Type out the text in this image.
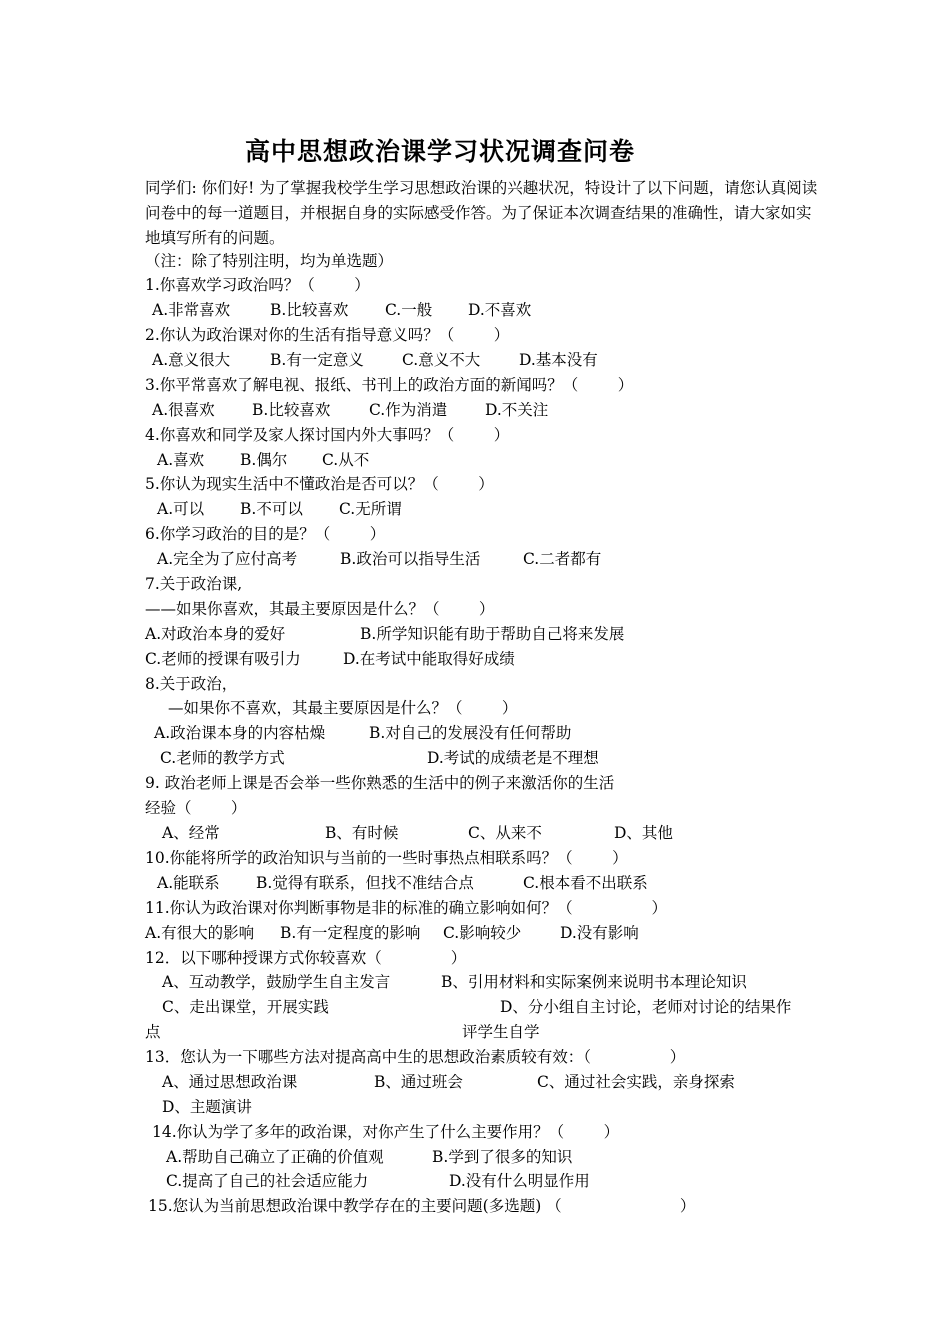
高中思想政治课学习状况调查问卷
同学们: 你们好! 为了掌握我校学生学习思想政治课的兴趣状况，特设计了以下问题，请您认真阅读问卷中的每一道题目，并根据自身的实际感受作答。为了保证本次调查结果的准确性，请大家如实地填写所有的问题。
（注：除了特别注明，均为单选题）
1.你喜欢学习政治吗？（        ）
A.非常喜欢	B.比较喜欢 C.一般 D.不喜欢
2.你认为政治课对你的生活有指导意义吗？（        ）
A.意义很大	B.有一定意义 C.意义不大	D.基本没有
3.你平常喜欢了解电视、报纸、书刊上的政治方面的新闻吗？（        ）
A.很喜欢 B.比较喜欢 C.作为消遣 D.不关注
4.你喜欢和同学及家人探讨国内外大事吗？（        ）
A.喜欢 B.偶尔 C.从不
5.你认为现实生活中不懂政治是否可以？（        ）
A.可以 B.不可以 C.无所谓
6.你学习政治的目的是？（        ）
A.完全为了应付高考	B.政治可以指导生活	C.二者都有
7.关于政治课,
——如果你喜欢，其最主要原因是什么？（        ）
A.对政治本身的爱好	B.所学知识能有助于帮助自己将来发展
C.老师的授课有吸引力	D.在考试中能取得好成绩
8.关于政治，
—如果你不喜欢，其最主要原因是什么？（        ）
A.政治课本身的内容枯燥	B.对自己的发展没有任何帮助
C.老师的教学方式	D.考试的成绩老是不理想
9. 政治老师上课是否会举一些你熟悉的生活中的例子来激活你的生活
经验（        ）
A、经常	B、有时候	C、从来不	D、其他
10.你能将所学的政治知识与当前的一些时事热点相联系吗？（        ）
A.能联系 B.觉得有联系，但找不准结合点	C.根本看不出联系
11.你认为政治课对你判断事物是非的标准的确立影响如何？（                ）
A.有很大的影响 B.有一定程度的影响 C.影响较少	D.没有影响
12．以下哪种授课方式你较喜欢（              ）
A、互动教学，鼓励学生自主发言	B、引用材料和实际案例来说明书本理论知识
C、走出课堂，开展实践	D、分小组自主讨论，老师对讨论的结果作
点	评学生自学
13．您认为一下哪些方法对提高高中生的思想政治素质较有效：（                ）
A、通过思想政治课	B、通过班会	C、通过社会实践，亲身探索
D、主题演讲
14.你认为学了多年的政治课，对你产生了什么主要作用？（        ）
A.帮助自己确立了正确的价值观	B.学到了很多的知识
C.提高了自己的社会适应能力	D.没有什么明显作用
15.您认为当前思想政治课中教学存在的主要问题(多选题) （                        ）
